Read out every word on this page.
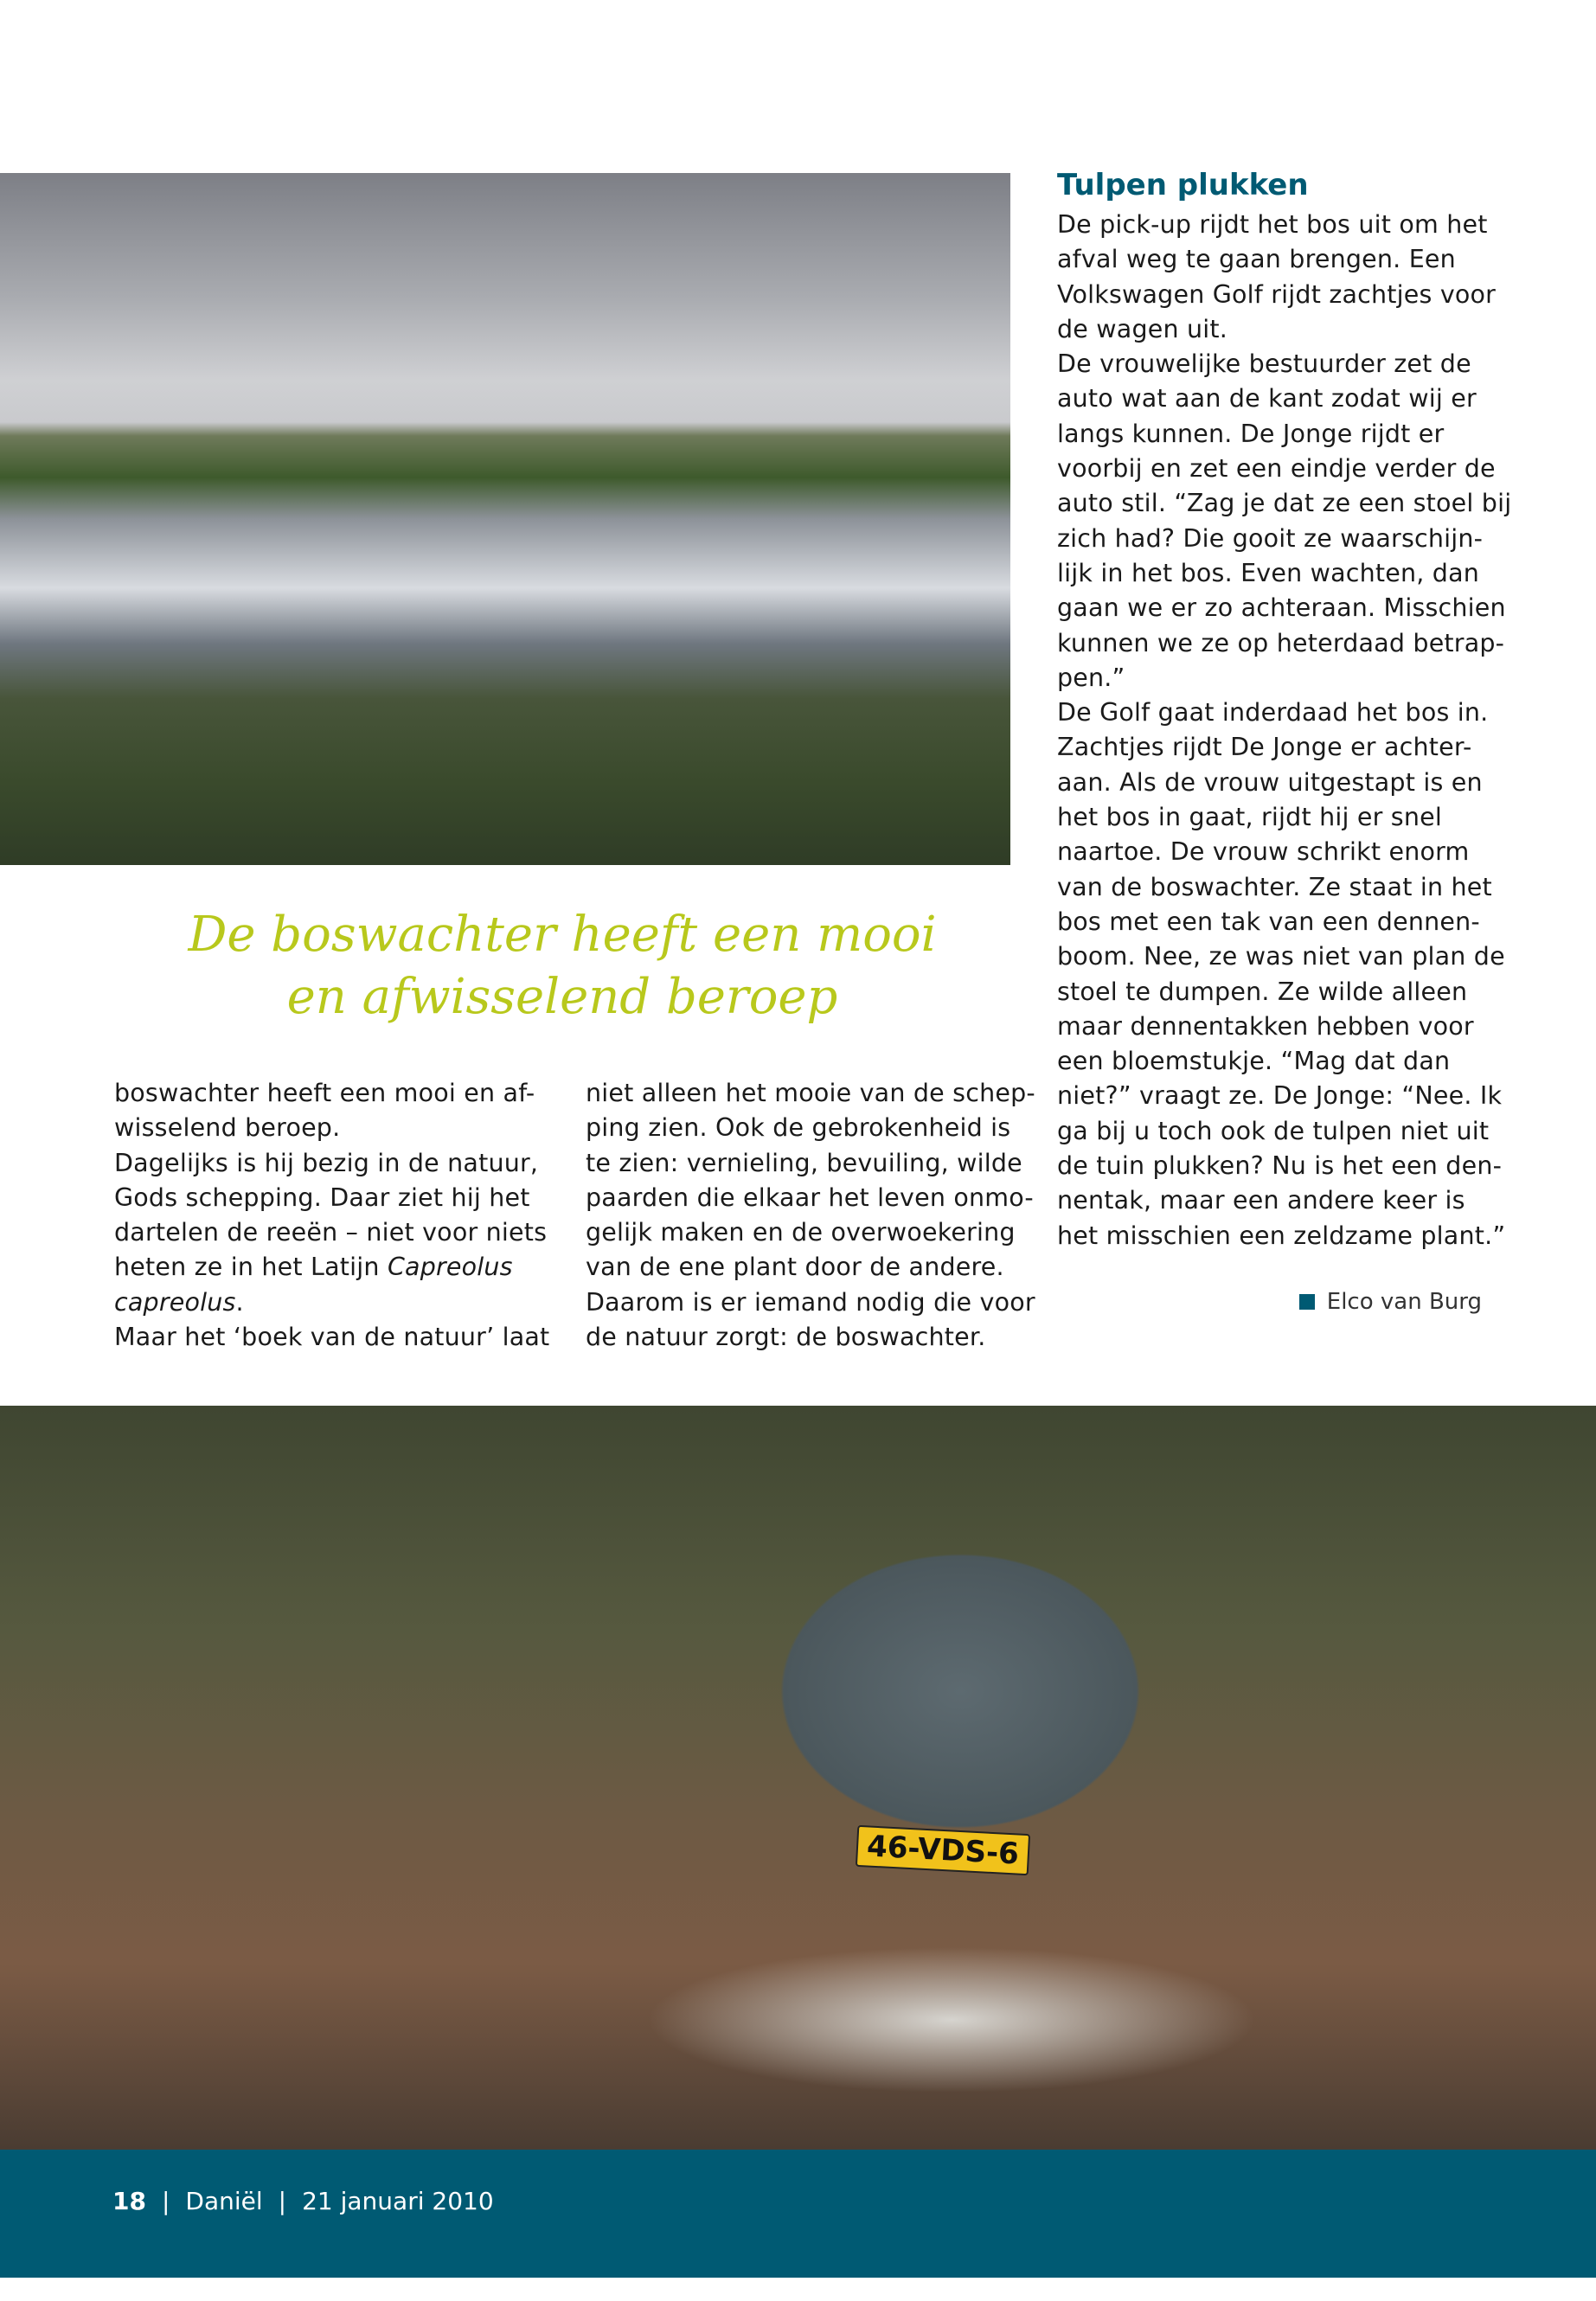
Tulpen plukken
De pick-up rijdt het bos uit om het
afval weg te gaan brengen. Een
Volkswagen Golf rijdt zachtjes voor
de wagen uit.
De vrouwelijke bestuurder zet de
auto wat aan de kant zodat wij er
langs kunnen. De Jonge rijdt er
voorbij en zet een eindje verder de
auto stil. “Zag je dat ze een stoel bij
zich had? Die gooit ze waarschijn-
lijk in het bos. Even wachten, dan
gaan we er zo achteraan. Misschien
kunnen we ze op heterdaad betrap-
pen.”
De Golf gaat inderdaad het bos in.
Zachtjes rijdt De Jonge er achter-
aan. Als de vrouw uitgestapt is en
het bos in gaat, rijdt hij er snel
naartoe. De vrouw schrikt enorm
van de boswachter. Ze staat in het
bos met een tak van een dennen-
boom. Nee, ze was niet van plan de
stoel te dumpen. Ze wilde alleen
maar dennentakken hebben voor
een bloemstukje. “Mag dat dan
niet?” vraagt ze. De Jonge: “Nee. Ik
ga bij u toch ook de tulpen niet uit
de tuin plukken? Nu is het een den-
nentak, maar een andere keer is
het misschien een zeldzame plant.”
De boswachter heeft een mooi
en afwisselend beroep
boswachter heeft een mooi en af-
wisselend beroep.
Dagelijks is hij bezig in de natuur,
Gods schepping. Daar ziet hij het
dartelen de reeën – niet voor niets
heten ze in het Latijn Capreolus
capreolus.
Maar het ‘boek van de natuur’ laat
niet alleen het mooie van de schep-
ping zien. Ook de gebrokenheid is
te zien: vernieling, bevuiling, wilde
paarden die elkaar het leven onmo-
gelijk maken en de overwoekering
van de ene plant door de andere.
Daarom is er iemand nodig die voor
de natuur zorgt: de boswachter.
Elco van Burg
46-VDS-6
18 | Daniël | 21 januari 2010
